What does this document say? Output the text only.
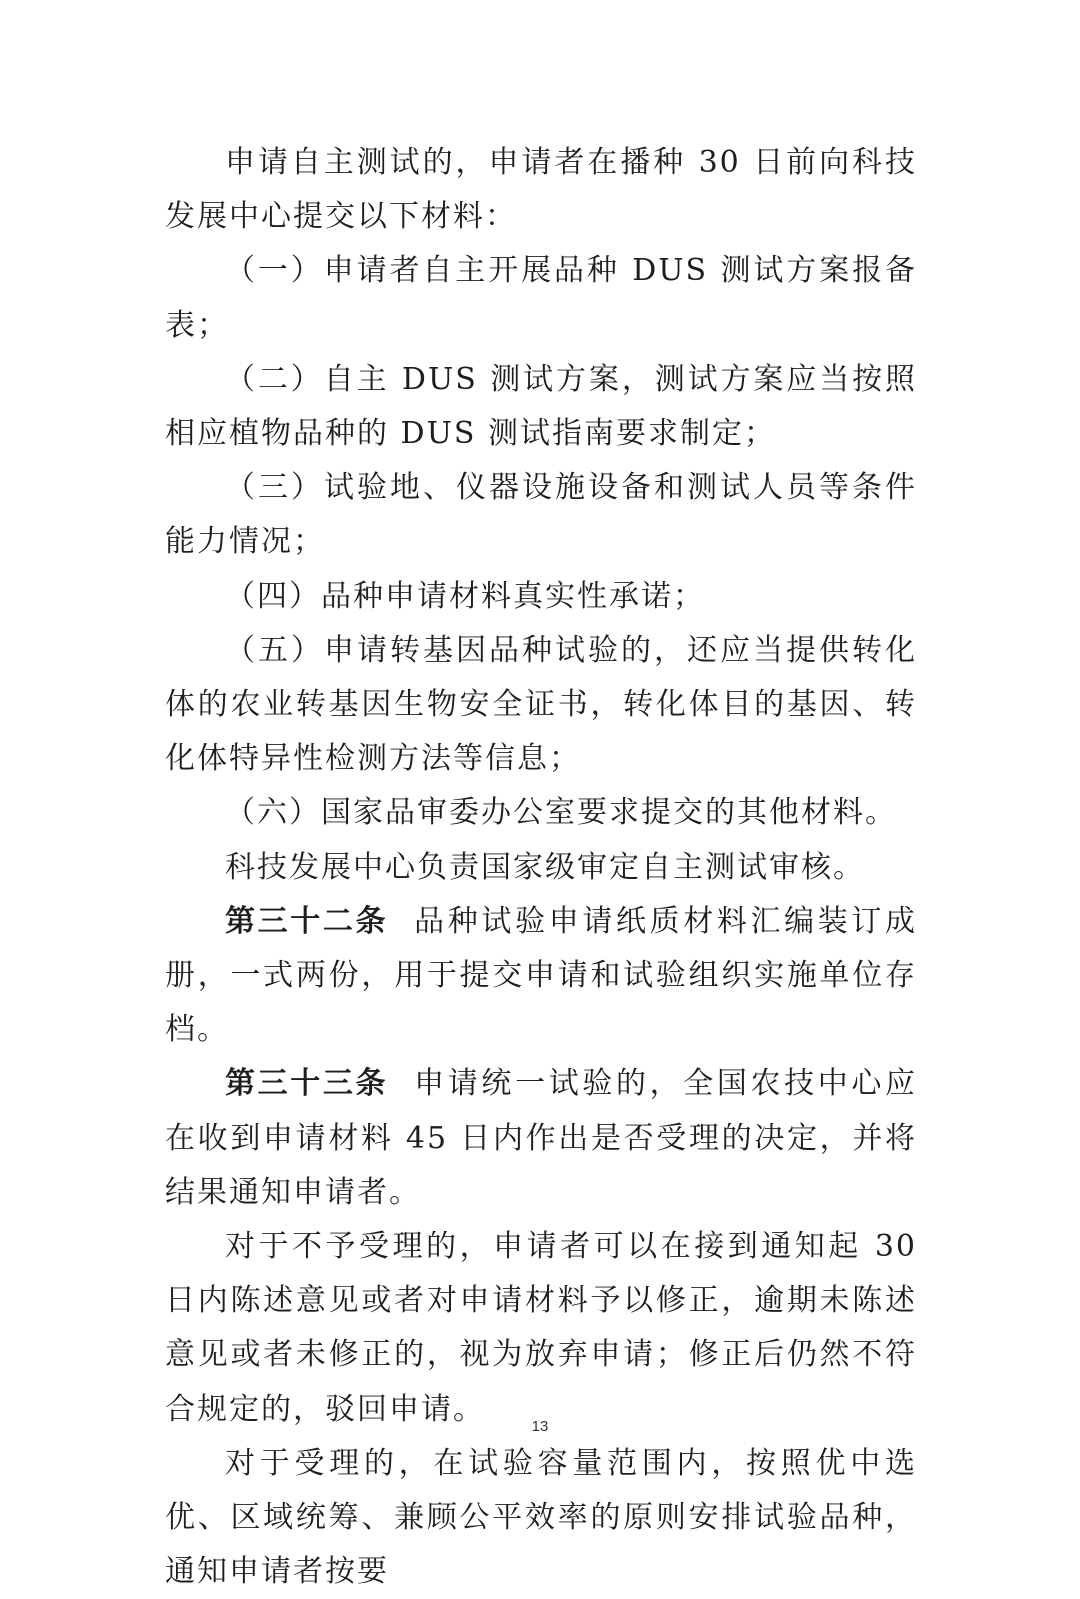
申请自主测试的，申请者在播种 30 日前向科技发展中心提交以下材料：

（一）申请者自主开展品种 DUS 测试方案报备表；

（二）自主 DUS 测试方案，测试方案应当按照相应植物品种的 DUS 测试指南要求制定；

（三）试验地、仪器设施设备和测试人员等条件能力情况；

（四）品种申请材料真实性承诺；

（五）申请转基因品种试验的，还应当提供转化体的农业转基因生物安全证书，转化体目的基因、转化体特异性检测方法等信息；

（六）国家品审委办公室要求提交的其他材料。

科技发展中心负责国家级审定自主测试审核。

第三十二条 品种试验申请纸质材料汇编装订成册，一式两份，用于提交申请和试验组织实施单位存档。

第三十三条 申请统一试验的，全国农技中心应在收到申请材料 45 日内作出是否受理的决定，并将结果通知申请者。

对于不予受理的，申请者可以在接到通知起 30 日内陈述意见或者对申请材料予以修正，逾期未陈述意见或者未修正的，视为放弃申请；修正后仍然不符合规定的，驳回申请。

对于受理的，在试验容量范围内，按照优中选优、区域统筹、兼顾公平效率的原则安排试验品种，通知申请者按要

13
